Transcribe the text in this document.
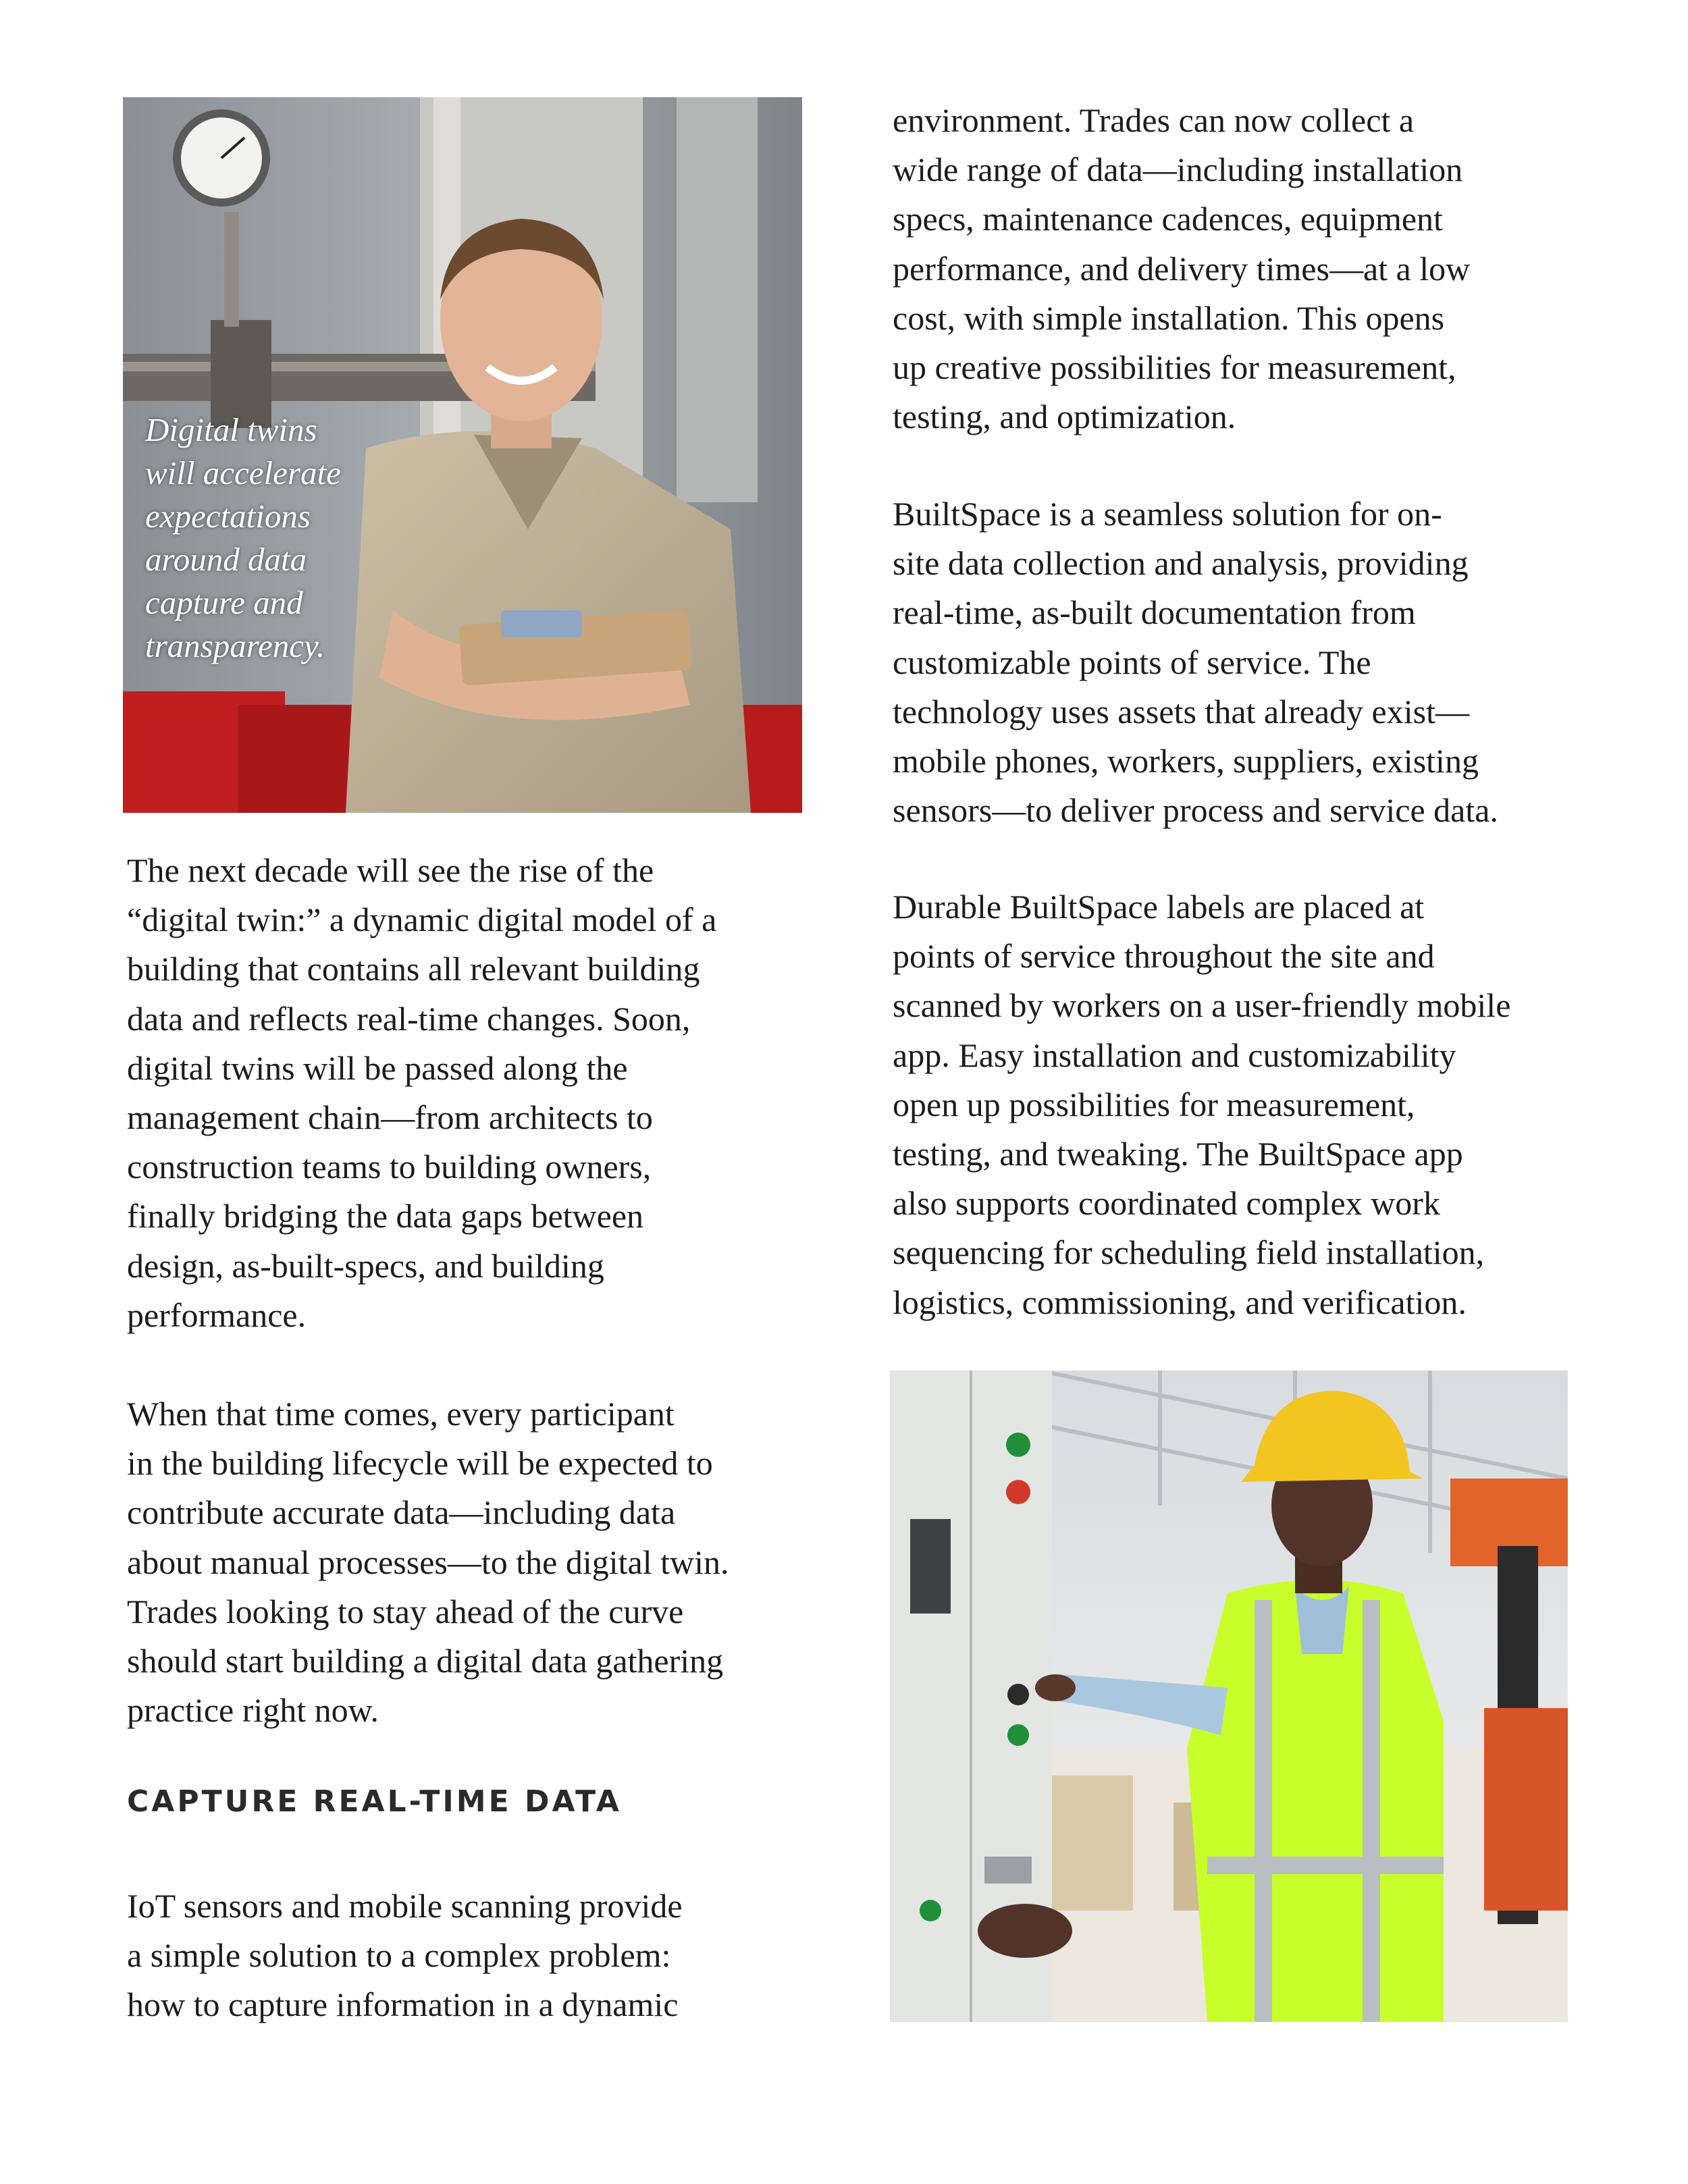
Digital twins
will accelerate
expectations
around data
capture and
transparency.

The next decade will see the rise of the
“digital twin:” a dynamic digital model of a
building that contains all relevant building
data and reflects real-time changes. Soon,
digital twins will be passed along the
management chain—from architects to
construction teams to building owners,
finally bridging the data gaps between
design, as-built-specs, and building
performance.

When that time comes, every participant
in the building lifecycle will be expected to
contribute accurate data—including data
about manual processes—to the digital twin.
Trades looking to stay ahead of the curve
should start building a digital data gathering
practice right now.

CAPTURE REAL-TIME DATA

IoT sensors and mobile scanning provide
a simple solution to a complex problem:
how to capture information in a dynamic

environment. Trades can now collect a
wide range of data—including installation
specs, maintenance cadences, equipment
performance, and delivery times—at a low
cost, with simple installation. This opens
up creative possibilities for measurement,
testing, and optimization.

BuiltSpace is a seamless solution for on-
site data collection and analysis, providing
real-time, as-built documentation from
customizable points of service. The
technology uses assets that already exist—
mobile phones, workers, suppliers, existing
sensors—to deliver process and service data.

Durable BuiltSpace labels are placed at
points of service throughout the site and
scanned by workers on a user-friendly mobile
app. Easy installation and customizability
open up possibilities for measurement,
testing, and tweaking. The BuiltSpace app
also supports coordinated complex work
sequencing for scheduling field installation,
logistics, commissioning, and verification.
